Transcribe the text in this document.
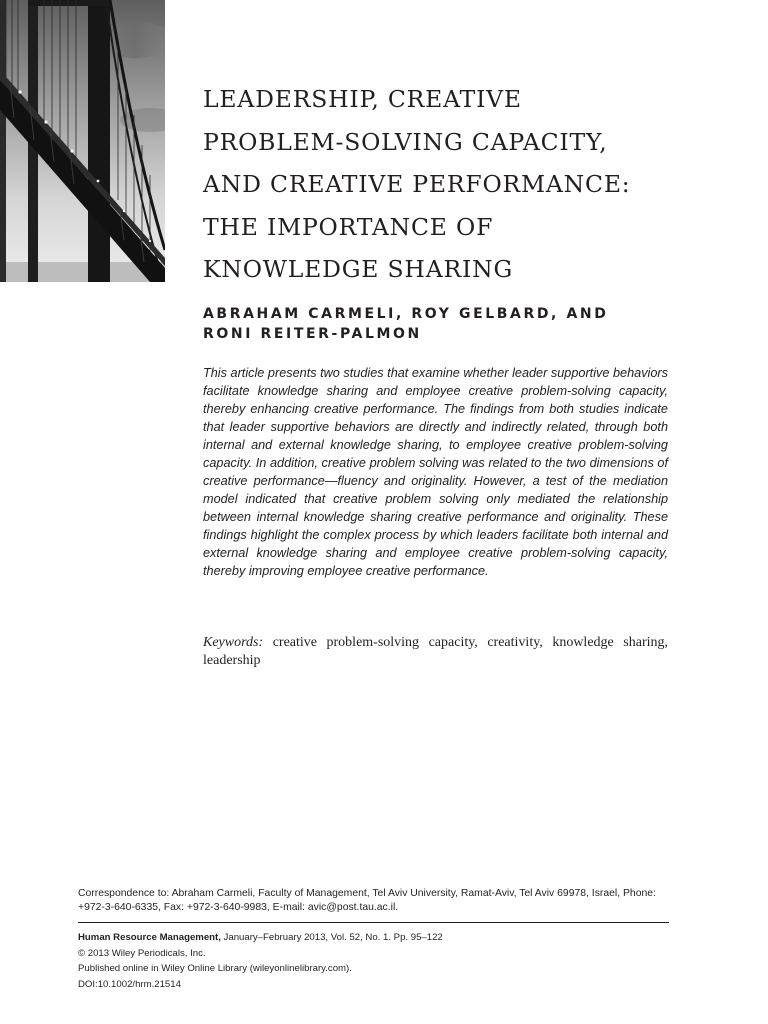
LEADERSHIP, CREATIVE
PROBLEM-SOLVING CAPACITY,
AND CREATIVE PERFORMANCE:
THE IMPORTANCE OF
KNOWLEDGE SHARING
ABRAHAM CARMELI, ROY GELBARD, AND
RONI REITER-PALMON

This article presents two studies that examine whether leader supportive behaviors facilitate knowledge sharing and employee creative problem-solving capacity, thereby enhancing creative performance. The findings from both studies indicate that leader supportive behaviors are directly and indirectly related, through both internal and external knowledge sharing, to employee creative problem-solving capacity. In addition, creative problem solving was related to the two dimensions of creative performance—fluency and originality. However, a test of the mediation model indicated that creative problem solving only mediated the relationship between internal knowledge sharing creative performance and originality. These findings highlight the complex process by which leaders facilitate both internal and external knowledge sharing and employee creative problem-solving capacity, thereby improving employee creative performance.

Keywords: creative problem-solving capacity, creativity, knowledge sharing, leadership

Correspondence to: Abraham Carmeli, Faculty of Management, Tel Aviv University, Ramat-Aviv, Tel Aviv 69978, Israel, Phone: +972-3-640-6335, Fax: +972-3-640-9983, E-mail: avic@post.tau.ac.il.

Human Resource Management, January–February 2013, Vol. 52, No. 1. Pp. 95–122
© 2013 Wiley Periodicals, Inc.
Published online in Wiley Online Library (wileyonlinelibrary.com).
DOI:10.1002/hrm.21514
